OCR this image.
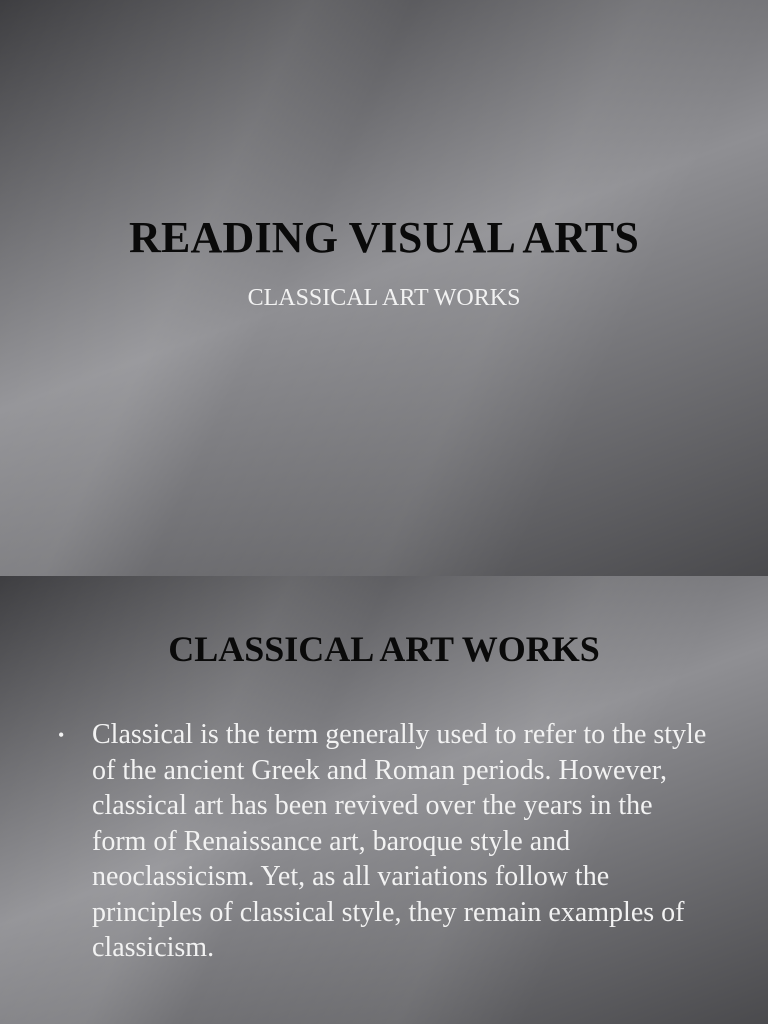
READING VISUAL ARTS
CLASSICAL ART WORKS
CLASSICAL ART WORKS
• Classical is the term generally used to refer to the style of the ancient Greek and Roman periods. However, classical art has been revived over the years in the form of Renaissance art, baroque style and neoclassicism. Yet, as all variations follow the principles of classical style, they remain examples of classicism.
